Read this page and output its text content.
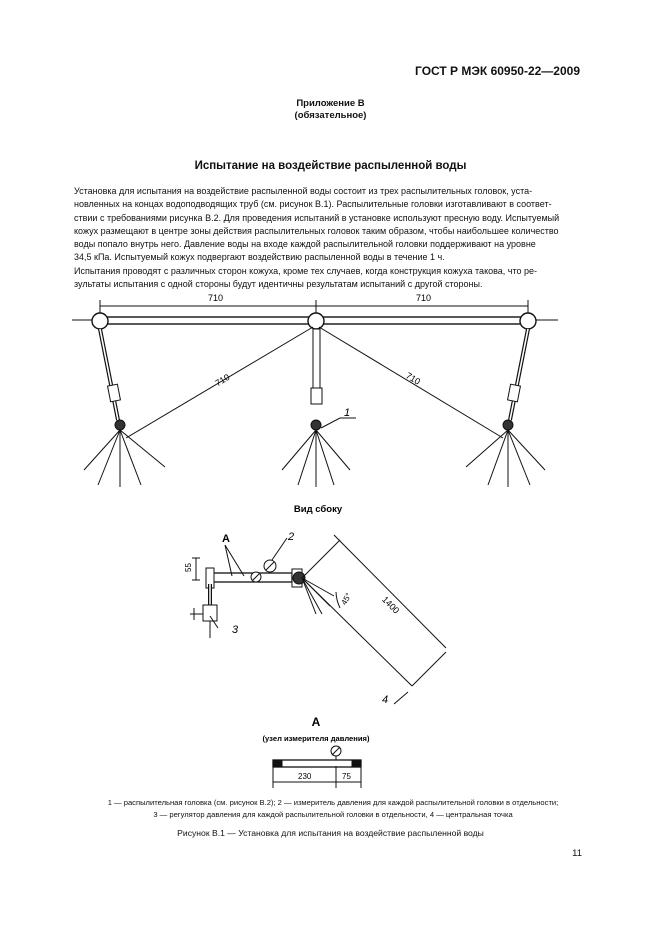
ГОСТ Р МЭК 60950-22—2009
Приложение В
(обязательное)
Испытание на воздействие распыленной воды
Установка для испытания на воздействие распыленной воды состоит из трех распылительных головок, уста-
новленных на концах водоподводящих труб (см. рисунок В.1). Распылительные головки изготавливают в соответ-
ствии с требованиями рисунка В.2. Для проведения испытаний в установке используют пресную воду. Испытуемый
кожух размещают в центре зоны действия распылительных головок таким образом, чтобы наибольшее количество
воды попало внутрь него. Давление воды на входе каждой распылительной головки поддерживают на уровне
34,5 кПа. Испытуемый кожух подвергают воздействию распыленной воды в течение 1 ч.
Испытания проводят с различных сторон кожуха, кроме тех случаев, когда конструкция кожуха такова, что ре-
зультаты испытания с одной стороны будут идентичны результатам испытаний с другой стороны.
710	710
710	710
1
Вид сбоку
55
A	2
3
4
1400
45°
A
(узел измерителя давления)
230	75
1 — распылительная головка (см. рисунок В.2); 2 — измеритель давления для каждой распылительной головки в отдельности;
3 — регулятор давления для каждой распылительной головки в отдельности, 4 — центральная точка
Рисунок В.1 — Установка для испытания на воздействие распыленной воды
11
